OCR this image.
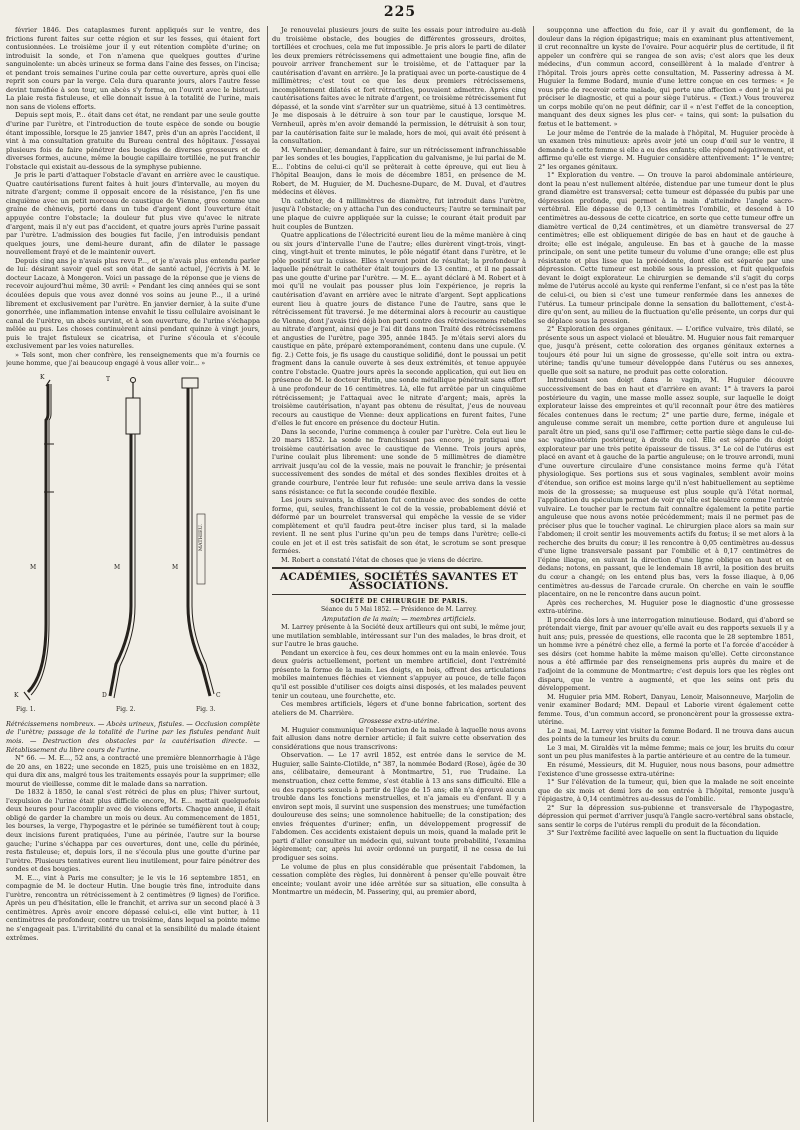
225

février 1846. Des cataplasmes furent appliqués sur le ventre, des frictions furent faites sur cette région et sur les fesses, qui étaient fort contusionnées. Le troisième jour il y eut rétention complète d'urine; on introduisit la sonde, et l'on n'amena que quelques gouttes d'urine sanguinolente: un abcès urineux se forma dans l'aine des fesses, on l'incisa; et pendant trois semaines l'urine coula par cette ouverture, après quoi elle reprit son cours par la verge. Cela dura quarante jours, alors l'autre fesse devint tuméfiée à son tour, un abcès s'y forma, on l'ouvrit avec le bistouri. La plaie resta fistuleuse, et elle donnait issue à la totalité de l'urine, mais non sans de violens efforts.

Depuis sept mois, P... était dans cet état, ne rendant par une seule goutte d'urine par l'urètre, et l'introduction de toute espèce de sonde ou bougie étant impossible, lorsque le 25 janvier 1847, près d'un an après l'accident, il vint à ma consultation gratuite du Bureau central des hôpitaux. J'essayai plusieurs fois de faire pénétrer des bougies de diverses grosseurs et de diverses formes, aucune, même la bougie capillaire tortillée, ne put franchir l'obstacle qui existait au-dessous de la symphyse pubienne.

Je pris le parti d'attaquer l'obstacle d'avant en arrière avec le caustique. Quatre cautérisations furent faites à huit jours d'intervalle, au moyen du nitrate d'argent; comme il opposait encore de la résistance, j'en fis une cinquième avec un petit morceau de caustique de Vienne, gros comme une graine de chènevis, porté dans un tube d'argent dont l'ouverture était appuyée contre l'obstacle; la douleur fut plus vive qu'avec le nitrate d'argent, mais il n'y eut pas d'accident, et quatre jours après l'urine passait par l'urètre. L'admission des bougies fut facile, j'en introduisis pendant quelques jours, une demi-heure durant, afin de dilater le passage nouvellement frayé et de le maintenir ouvert.

Depuis cinq ans je n'avais plus revu P..., et je n'avais plus entendu parler de lui: désirant savoir quel est son état de santé actuel, j'écrivis à M. le docteur Lacaze, à Mongeron. Voici un passage de la réponse que je viens de recevoir aujourd'hui même, 30 avril: « Pendant les cinq années qui se sont écoulées depuis que vous avez donné vos soins au jeune P..., il a uriné librement et exclusivement par l'urètre. En janvier dernier, à la suite d'une gonorrhée, une inflammation intense envahit le tissu cellulaire avoisinant le canal de l'urètre, un abcès survint, et à son ouverture, de l'urine s'échappa mêlée au pus. Les choses continuèrent ainsi pendant quinze à vingt jours, puis le trajet fistuleux se cicatrisa, et l'urine s'écoula et s'écoule exclusivement par les voies naturelles.

» Tels sont, mon cher confrère, les renseignements que m'a fournis ce jeune homme, que j'ai beaucoup engagé à vous aller voir... »

K	T
M	M	M
K	D	C
MATHIEU.
Fig. 1.	Fig. 2.	Fig. 3.

Rétrécissemens nombreux. — Abcès urineux, fistules. — Occlusion complète de l'urètre; passage de la totalité de l'urine par les fistules pendant huit mois. — Destruction des obstacles par la cautérisation directe. — Rétablissement du libre cours de l'urine.

N° 66. — M. E..., 52 ans, a contracté une première blennorrhagie à l'âge de 20 ans, en 1822; une seconde en 1825, puis une troisième en en 1832, qui dura dix ans, malgré tous les traitements essayés pour la supprimer; elle mourut de vieillesse, comme dit le malade dans sa narration.

De 1832 à 1850, le canal s'est rétréci de plus en plus; l'hiver surtout, l'expulsion de l'urine était plus difficile encore, M. E... mettait quelquefois deux heures pour l'accomplir avec de violens efforts. Chaque année, il était obligé de garder la chambre un mois ou deux. Au commencement de 1851, les bourses, la verge, l'hypogastre et le périnée se tuméfièrent tout à coup; deux incisions furent pratiquées, l'une au périnée, l'autre sur la bourse gauche; l'urine s'échappa par ces ouvertures, dont une, celle du périnée, resta fistuleuse; et, depuis lors, il ne s'écoula plus une goutte d'urine par l'urètre. Plusieurs tentatives eurent lieu inutilement, pour faire pénétrer des sondes et des bougies.

M. E..., vint à Paris me consulter; je le vis le 16 septembre 1851, en compagnie de M. le docteur Hutin. Une bougie très fine, introduite dans l'urètre, rencontra un rétrécissement à 2 centimètres (9 lignes) de l'orifice. Après un peu d'hésitation, elle le franchit, et arriva sur un second placé à 3 centimètres. Après avoir encore dépassé celui-ci, elle vint butter, à 11 centimètres de profondeur, contre un troisième, dans lequel sa pointe même ne s'engageait pas. L'irritabilité du canal et la sensibilité du malade étaient extrêmes.

Je renouvelai plusieurs jours de suite les essais pour introduire au-delà du troisième obstacle, des bougies de différentes grosseurs, droites, tortillées et crochues, cela me fut impossible. Je pris alors le parti de dilater les deux premiers rétrécissemens qui admettaient une bougie fine, afin de pouvoir arriver franchement sur le troisième, et de l'attaquer par la cautérisation d'avant en arrière. Je la pratiquai avec un porte-caustique de 4 millimètres; c'est tout ce que les deux premiers rétrécissemens, incomplètement dilatés et fort rétractiles, pouvaient admettre. Après cinq cautérisations faites avec le nitrate d'argent, ce troisième rétrécissement fut dépassé, et la sonde vint s'arrêter sur un quatrième, situé à 13 centimètres. Je me disposais à le détruire à son tour par le caustique, lorsque M. Vernheuil, après m'en avoir demandé la permission, le détruisit à son tour, par la cautérisation faite sur le malade, hors de moi, qui avait été présent à la consultation.

M. Vernheulier, demandant à faire, sur un rétrécissement infranchissable par les sondes et les bougies, l'application du galvanisme, je lui parlai de M. E... l'obtins de celui-ci qu'il se prêterait à cette épreuve, qui eut lieu à l'hôpital Beaujon, dans le mois de décembre 1851, en présence de M. Robert, de M. Huguier, de M. Duchesne-Duparc, de M. Duval, et d'autres médecins et élèves.

Un cathéter, de 4 millimètres de diamètre, fut introduit dans l'urètre, jusqu'à l'obstacle; on y attacha l'un des conducteurs; l'autre se terminait par une plaque de cuivre appliquée sur la cuisse; le courant était produit par huit couples de Buntzen.

Quatre applications de l'électricité eurent lieu de la même manière à cinq ou six jours d'intervalle l'une de l'autre; elles durèrent vingt-trois, vingt-cinq, vingt-huit et trente minutes, le pôle négatif étant dans l'urètre, et le pôle positif sur la cuisse. Elles n'eurent point de résultat; la profondeur à laquelle pénétrait le cathéter était toujours de 13 centim., et il ne passait pas une goutte d'urine par l'urètre. — M. E... ayant déclaré à M. Robert et à moi qu'il ne voulait pas pousser plus loin l'expérience, je repris la cautérisation d'avant en arrière avec le nitrate d'argent. Sept applications eurent lieu à quatre jours de distance l'une de l'autre, sans que le rétrécissement fût traversé. Je me déterminai alors à recourir au caustique de Vienne, dont j'avais tiré déjà bon parti contre des rétrécissemens rebelles au nitrate d'argent, ainsi que je l'ai dit dans mon Traité des rétrécissemens et angusties de l'urètre, page 395, année 1845. Je m'étais servi alors du caustique en pâte, préparé extemporanément, contenu dans une cupule. (V. fig. 2.) Cette fois, je fis usage du caustique solidifié, dont le poussai un petit fragment dans la canule ouverte à ses deux extrémités, et tenue appuyée contre l'obstacle. Quatre jours après la seconde application, qui eut lieu en présence de M. le docteur Hutin, une sonde métallique pénétrait sans effort à une profondeur de 16 centimètres. Là, elle fut arrêtée par un cinquième rétrécissement; je l'attaquai avec le nitrate d'argent; mais, après la troisième cautérisation, n'ayant pas obtenu de résultat, j'eus de nouveau recours au caustique de Vienne: deux applications en furent faites, l'une d'elles le fut encore en présence du docteur Hutin.

Dans la seconde, l'urine commença à couler par l'urètre. Cela eut lieu le 20 mars 1852. La sonde ne franchissant pas encore, je pratiquai une troisième cautérisation avec le caustique de Vienne. Trois jours après, l'urine coulait plus librement: une sonde de 5 millimètres de diamètre arrivait jusqu'au col de la vessie, mais ne pouvait le franchir; je présentai successivement des sondes de métal et des sondes flexibles droites et à grande courbure, l'entrée leur fut refusée: une seule arriva dans la vessie sans résistance: ce fut la seconde coudée flexible.

Les jours suivants, la dilatation fut continuée avec des sondes de cette forme, qui, seules, franchissent le col de la vessie, probablement dévié et déformé par un bourrelet transversal qui empêche la vessie de se vider complètement et qu'il faudra peut-être inciser plus tard, si la malade revient. Il ne sent plus l'urine qu'un peu de temps dans l'urètre; celle-ci coule en jet et il est très satisfait de son état, le scrotum se sont presque fermées.

M. Robert a constaté l'état de choses que je viens de décrire.

ACADÉMIES, SOCIÉTÉS SAVANTES ET ASSOCIATIONS.

SOCIÉTÉ DE CHIRURGIE DE PARIS.

Séance du 5 Mai 1852. — Présidence de M. Larrey.

Amputation de la main; — membres artificiels.

M. Larrey présente à la Société deux artilleurs qui ont subi, le même jour, une mutilation semblable, intéressant sur l'un des malades, le bras droit, et sur l'autre le bras gauche.

Pendant un exercice à feu, ces deux hommes ont eu la main enlevée. Tous deux guéris actuellement, portent un membre artificiel, dont l'extrémité présente la forme de la main. Les doigts, en bois, offrent des articulations mobiles maintenues fléchies et viennent s'appuyer au pouce, de telle façon qu'il est possible d'utiliser ces doigts ainsi disposés, et les malades peuvent tenir un couteau, une fourchette, etc.

Ces membres artificiels, légers et d'une bonne fabrication, sortent des ateliers de M. Charrière.

Grossesse extra-utérine.

M. Huguier communique l'observation de la malade à laquelle nous avons fait allusion dans notre dernier article; il fait suivre cette observation des considérations que nous transcrivons:

Observation. — Le 17 avril 1852, est entrée dans le service de M. Huguier, salle Sainte-Clotilde, n° 387, la nommée Bodard (Rose), âgée de 30 ans, célibataire, demeurant à Montmartre, 51, rue Trudaine. La menstruation, chez cette femme, s'est établie à 13 ans sans difficulté. Elle a eu des rapports sexuels à partir de l'âge de 15 ans; elle n'a éprouvé aucun trouble dans les fonctions menstruelles, et n'a jamais eu d'enfant. Il y a environ sept mois, il survint une suspension des menstrues; une tuméfaction douloureuse des seins; une somnolence habituelle; de la constipation; des envies fréquentes d'uriner; enfin, un développement progressif de l'abdomen. Ces accidents existaient depuis un mois, quand la malade prit le parti d'aller consulter un médecin qui, suivant toute probabilité, l'examina légèrement; car, après lui avoir ordonné un purgatif, il ne cessa de lui prodiguer ses soins.

Le volume de plus en plus considérable que présentait l'abdomen, la cessation complète des règles, lui donnèrent à penser qu'elle pouvait être enceinte; voulant avoir une idée arrêtée sur sa situation, elle consulta à Montmartre un médecin, M. Passeriny, qui, au premier abord,

soupçonna une affection du foie, car il y avait du gonflement, de la douleur dans la région épigastrique; mais en examinant plus attentivement, il crut reconnaître un kyste de l'ovaire. Pour acquérir plus de certitude, il fit appeler un confrère qui se rangea de son avis; c'est alors que les deux médecins, d'un commun accord, conseillèrent à la malade d'entrer à l'hôpital. Trois jours après cette consultation, M. Passeriny adressa à M. Huguier la femme Bodard, munie d'une lettre conçue en ces termes: « Je vous prie de recevoir cette malade, qui porte une affection « dont je n'ai pu préciser le diagnostic, et qui a pour siège l'utérus. « (Text.) Vous trouverez un corps mobile qu'on ne peut définir, car il « n'est l'effet de la conception, manquant des deux signes les plus cer- « tains, qui sont: la pulsation du fœtus et le battement. »

Le jour même de l'entrée de la malade à l'hôpital, M. Huguier procède à un examen très minutieux: après avoir jeté un coup d'œil sur le ventre, il demande à cette femme si elle a eu des enfants; elle répond négativement, et affirme qu'elle est vierge. M. Huguier considère attentivement: 1° le ventre; 2° les organes génitaux.

1° Exploration du ventre. — On trouve la paroi abdominale antérieure, dont la peau n'est nullement altérée, distendue par une tumeur dont le plus grand diamètre est transversal; cette tumeur est dépassée du pubis par une dépression profonde, qui permet à la main d'atteindre l'angle sacro-vertébral. Elle dépasse de 0,13 centimètres l'ombilic, et descend à 10 centimètres au-dessous de cette cicatrice, en sorte que cette tumeur offre un diamètre vertical de 0,24 centimètres, et un diamètre transversal de 27 centimètres; elle est obliquement dirigée de bas en haut et de gauche à droite; elle est inégale, anguleuse. En bas et à gauche de la masse principale, on sent une petite tumeur du volume d'une orange; elle est plus résistante et plus lisse que la précédente, dont elle est séparée par une dépression. Cette tumeur est mobile sous la pression, et fuit quelquefois devant le doigt explorateur. Le chirurgien se demande s'il s'agit du corps même de l'utérus accolé au kyste qui renferme l'enfant, si ce n'est pas la tête de celui-ci, ou bien si c'est une tumeur renfermée dans les annexes de l'utérus. La tumeur principale donne la sensation du ballottement, c'est-à-dire qu'on sent, au milieu de la fluctuation qu'elle présente, un corps dur qui se déplace sous la pression.

2° Exploration des organes génitaux. — L'orifice vulvaire, très dilaté, se présente sous un aspect violacé et bleuâtre. M. Huguier nous fait remarquer que, jusqu'à présent, cette coloration des organes génitaux externes a toujours été pour lui un signe de grossesse, qu'elle soit intra ou extra-utérine; tandis qu'une tumeur développée dans l'utérus ou ses annexes, quelle que soit sa nature, ne produit pas cette coloration.

Introduisant son doigt dans le vagin, M. Huguier découvre successivement de bas en haut et d'arrière en avant: 1° à travers la paroi postérieure du vagin, une masse molle assez souple, sur laquelle le doigt explorateur laisse des empreintes et qu'il reconnaît pour être des matières fécales contenues dans le rectum; 2° une partie dure, ferme, inégale et anguleuse comme serait un membre, cette portion dure et anguleuse lui paraît être un pied, sans qu'il ose l'affirmer; cette partie siège dans le cul-de-sac vagino-utérin postérieur, à droite du col. Elle est séparée du doigt explorateur par une très petite épaisseur de tissus. 3° Le col de l'utérus est placé en avant et à gauche de la partie anguleuse; on le trouve arrondi, muni d'une ouverture circulaire d'une consistance moins ferme qu'à l'état physiologique. Ses portions sus et sous vaginales, semblent avoir moins d'étendue, son orifice est moins large qu'il n'est habituellement au septième mois de la grossesse; sa muqueuse est plus souple qu'à l'état normal, l'application du spéculum permet de voir qu'elle est bleuâtre comme l'entrée vulvaire. Le toucher par le rectum fait connaître également la petite partie anguleuse que nous avons notée précédemment; mais il ne permet pas de préciser plus que le toucher vaginal. Le chirurgien place alors sa main sur l'abdomen; il croit sentir les mouvements actifs du fœtus; il se met alors à la recherche des bruits du cœur; il les rencontre à 0,05 centimètres au-dessus d'une ligne transversale passant par l'ombilic et à 0,17 centimètres de l'épine iliaque, en suivant la direction d'une ligne oblique en haut et en dedans; notons, en passant, que le lendemain 18 avril, la position des bruits du cœur a changé; on les entend plus bas, vers la fosse iliaque, à 0,06 centimètres au-dessus de l'arcade crurale. On cherche en vain le souffle placentaire, on ne le rencontre dans aucun point.

Après ces recherches, M. Huguier pose le diagnostic d'une grossesse extra-utérine.

Il procéda dès lors à une interrogation minutieuse. Bodard, qui d'abord se prétendait vierge, finit par avouer qu'elle avait eu des rapports sexuels il y a huit ans; puis, pressée de questions, elle raconta que le 28 septembre 1851, un homme ivre a pénétré chez elle, a fermé la porte et l'a forcée d'accéder à ses désirs (cet homme habite la même maison qu'elle). Cette circonstance nous a été affirmée par des renseignemens pris auprès du maire et de l'adjoint de la commune de Montmartre; c'est depuis lors que les règles ont disparu, que le ventre a augmenté, et que les seins ont pris du développement.

M. Huguier pria MM. Robert, Danyau, Lenoir, Maisonneuve, Marjolin de venir examiner Bodard; MM. Depaul et Laborie virent également cette femme. Tous, d'un commun accord, se prononcèrent pour la grossesse extra-utérine.

Le 2 mai, M. Larrey vint visiter la femme Bodard. Il ne trouva dans aucun des points de la tumeur les bruits du cœur.

Le 3 mai, M. Giraldès vit la même femme; mais ce jour, les bruits du cœur sont un peu plus manifestes à la partie antérieure et au centre de la tumeur.

En résumé, Messieurs, dit M. Huguier, nous nous basons, pour admettre l'existence d'une grossesse extra-utérine:

1° Sur l'élévation de la tumeur, qui, bien que la malade ne soit enceinte que de six mois et demi lors de son entrée à l'hôpital, remonte jusqu'à l'épigastre, à 0,14 centimètres au-dessus de l'ombilic.

2° Sur la dépression sus-pubienne et transversale de l'hypogastre, dépression qui permet d'arriver jusqu'à l'angle sacro-vertébral sans obstacle, sans sentir le corps de l'utérus rempli du produit de la fécondation.

3° Sur l'extrême facilité avec laquelle on sent la fluctuation du liquide
